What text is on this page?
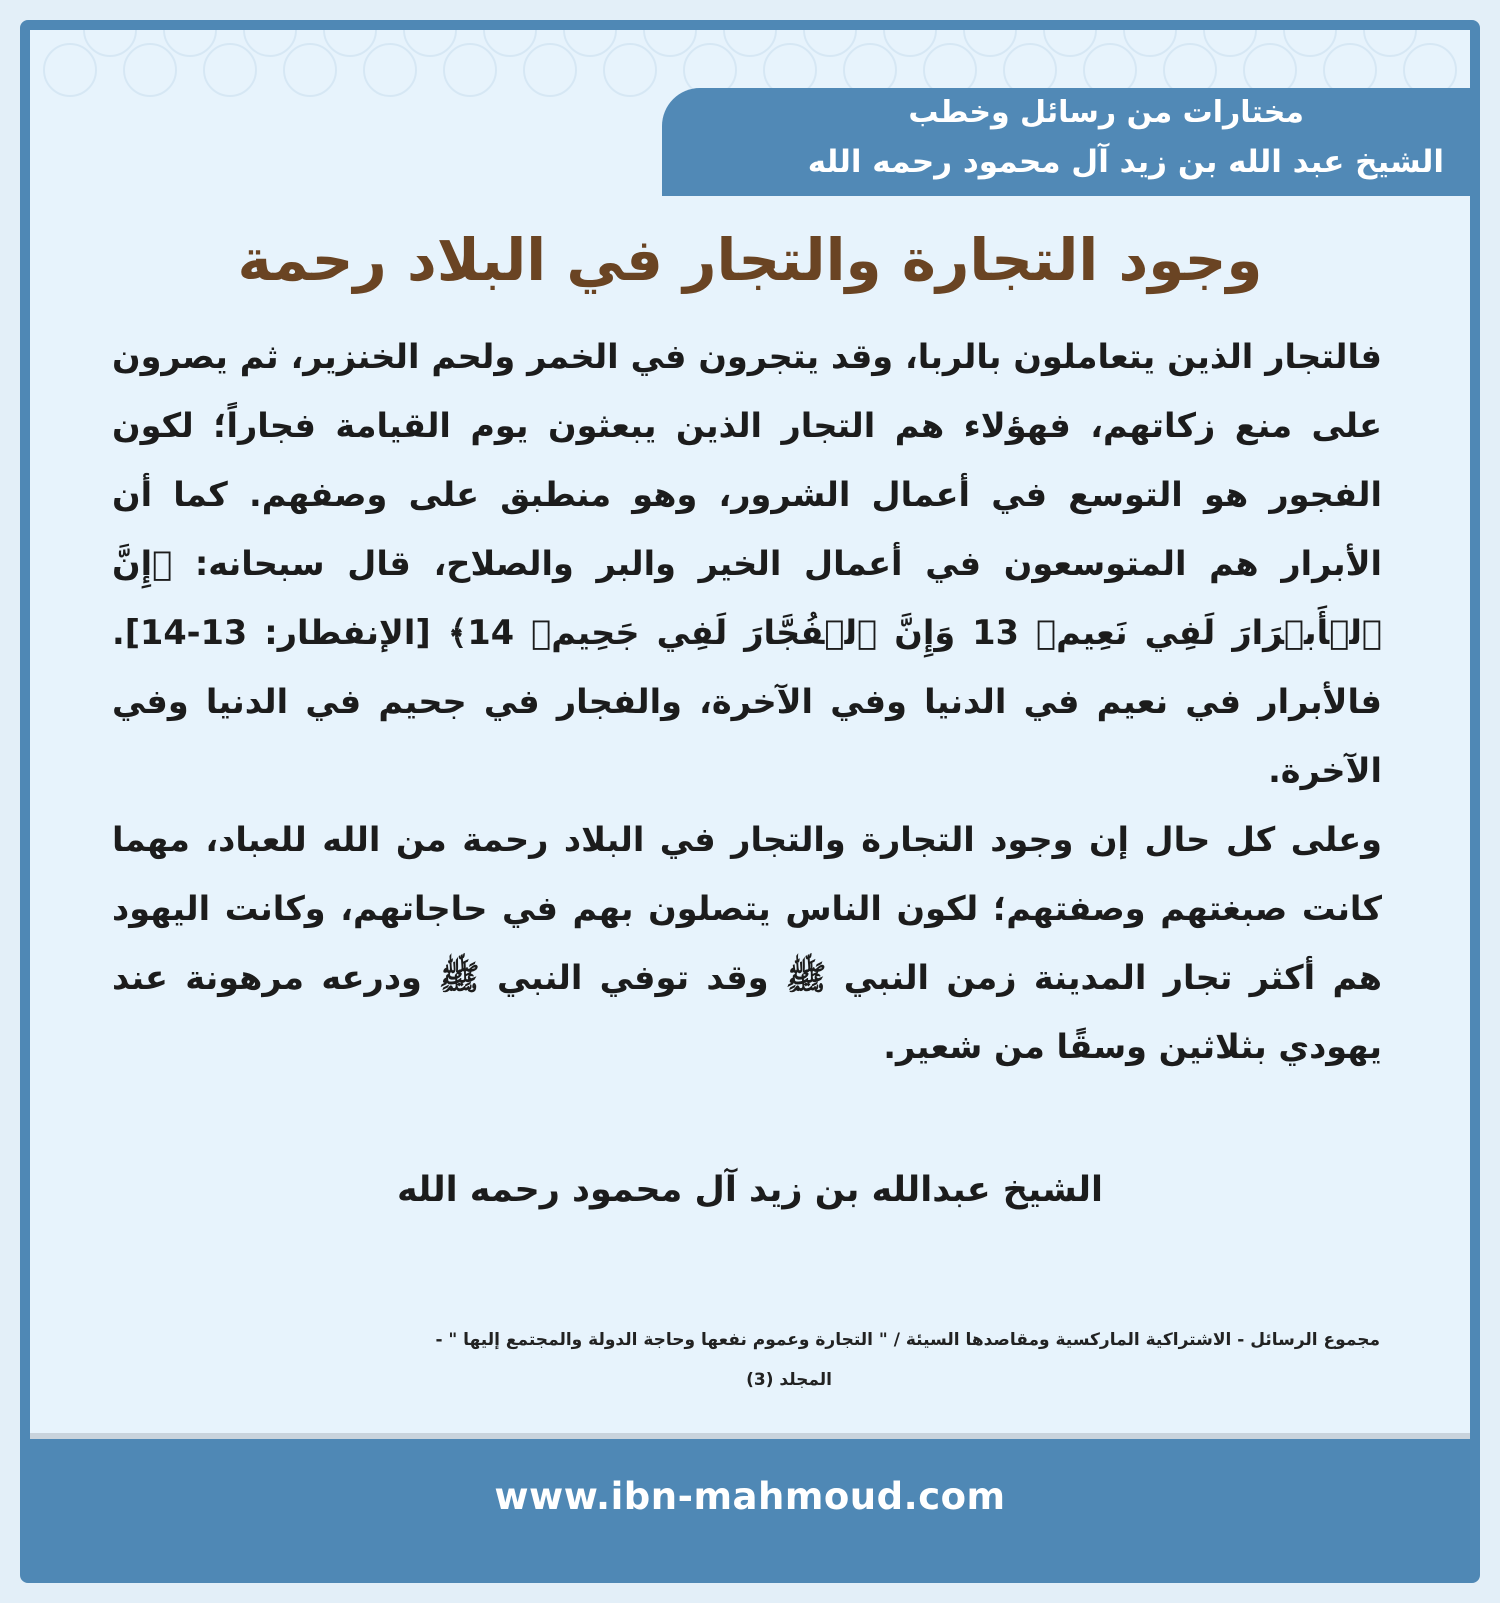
مختارات من رسائل وخطب
الشيخ عبد الله بن زيد آل محمود رحمه الله
وجود التجارة والتجار في البلاد رحمة

فالتجار الذين يتعاملون بالربا، وقد يتجرون في الخمر ولحم الخنزير، ثم يصرون على منع زكاتهم، فهؤلاء هم التجار الذين يبعثون يوم القيامة فجاراً؛ لكون الفجور هو التوسع في أعمال الشرور، وهو منطبق على وصفهم. كما أن الأبرار هم المتوسعون في أعمال الخير والبر والصلاح، قال سبحانه: ﴿إِنَّ ٱلۡأَبۡرَارَ لَفِي نَعِيمٖ 13 وَإِنَّ ٱلۡفُجَّارَ لَفِي جَحِيمٖ 14﴾ [الإنفطار: 13-14]. فالأبرار في نعيم في الدنيا وفي الآخرة، والفجار في جحيم في الدنيا وفي الآخرة.

وعلى كل حال إن وجود التجارة والتجار في البلاد رحمة من الله للعباد، مهما كانت صبغتهم وصفتهم؛ لكون الناس يتصلون بهم في حاجاتهم، وكانت اليهود هم أكثر تجار المدينة زمن النبي ﷺ وقد توفي النبي ﷺ ودرعه مرهونة عند يهودي بثلاثين وسقًا من شعير.

الشيخ عبدالله بن زيد آل محمود رحمه الله
مجموع الرسائل - الاشتراكية الماركسية ومقاصدها السيئة / " التجارة وعموم نفعها وحاجة الدولة والمجتمع إليها " -
المجلد (3)
www.ibn-mahmoud.com
